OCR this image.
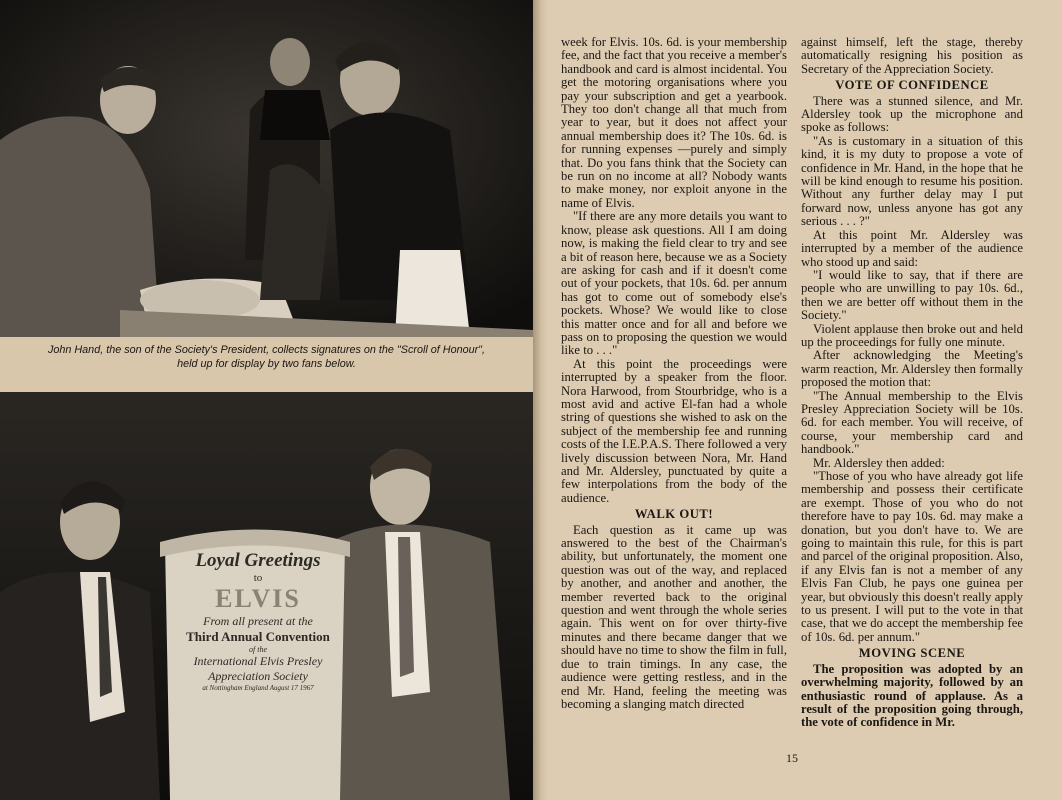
John Hand, the son of the Society's President, collects signatures on the "Scroll of Honour", held up for display by two fans below.
Loyal Greetings
to
ELVIS
From all present at the
Third Annual Convention
of the
International Elvis Presley
Appreciation Society
at Nottingham England August 17 1967

week for Elvis. 10s. 6d. is your membership fee, and the fact that you receive a member's handbook and card is almost incidental. You get the motoring organisations where you pay your subscription and get a yearbook. They too don't change all that much from year to year, but it does not affect your annual membership does it? The 10s. 6d. is for running expenses —purely and simply that. Do you fans think that the Society can be run on no income at all? Nobody wants to make money, nor exploit anyone in the name of Elvis.

"If there are any more details you want to know, please ask questions. All I am doing now, is making the field clear to try and see a bit of reason here, because we as a Society are asking for cash and if it doesn't come out of your pockets, that 10s. 6d. per annum has got to come out of somebody else's pockets. Whose? We would like to close this matter once and for all and before we pass on to proposing the question we would like to . . ."

At this point the proceedings were interrupted by a speaker from the floor. Nora Harwood, from Stourbridge, who is a most avid and active El-fan had a whole string of questions she wished to ask on the subject of the membership fee and running costs of the I.E.P.A.S. There followed a very lively discussion between Nora, Mr. Hand and Mr. Aldersley, punctuated by quite a few interpolations from the body of the audience.

WALK OUT!

Each question as it came up was answered to the best of the Chairman's ability, but unfortunately, the moment one question was out of the way, and replaced by another, and another and another, the member reverted back to the original question and went through the whole series again. This went on for over thirty-five minutes and there became danger that we should have no time to show the film in full, due to train timings. In any case, the audience were getting restless, and in the end Mr. Hand, feeling the meeting was becoming a slanging match directed

against himself, left the stage, thereby automatically resigning his position as Secretary of the Appreciation Society.

VOTE OF CONFIDENCE

There was a stunned silence, and Mr. Aldersley took up the microphone and spoke as follows:

"As is customary in a situation of this kind, it is my duty to propose a vote of confidence in Mr. Hand, in the hope that he will be kind enough to resume his position. Without any further delay may I put forward now, unless anyone has got any serious . . . ?"

At this point Mr. Aldersley was interrupted by a member of the audience who stood up and said:

"I would like to say, that if there are people who are unwilling to pay 10s. 6d., then we are better off without them in the Society."

Violent applause then broke out and held up the proceedings for fully one minute.

After acknowledging the Meeting's warm reaction, Mr. Aldersley then formally proposed the motion that:

"The Annual membership to the Elvis Presley Appreciation Society will be 10s. 6d. for each member. You will receive, of course, your membership card and handbook."

Mr. Aldersley then added:

"Those of you who have already got life membership and possess their certificate are exempt. Those of you who do not therefore have to pay 10s. 6d. may make a donation, but you don't have to. We are going to maintain this rule, for this is part and parcel of the original proposition. Also, if any Elvis fan is not a member of any Elvis Fan Club, he pays one guinea per year, but obviously this doesn't really apply to us present. I will put to the vote in that case, that we do accept the membership fee of 10s. 6d. per annum."

MOVING SCENE

The proposition was adopted by an overwhelming majority, followed by an enthusiastic round of applause. As a result of the proposition going through, the vote of confidence in Mr.

15
